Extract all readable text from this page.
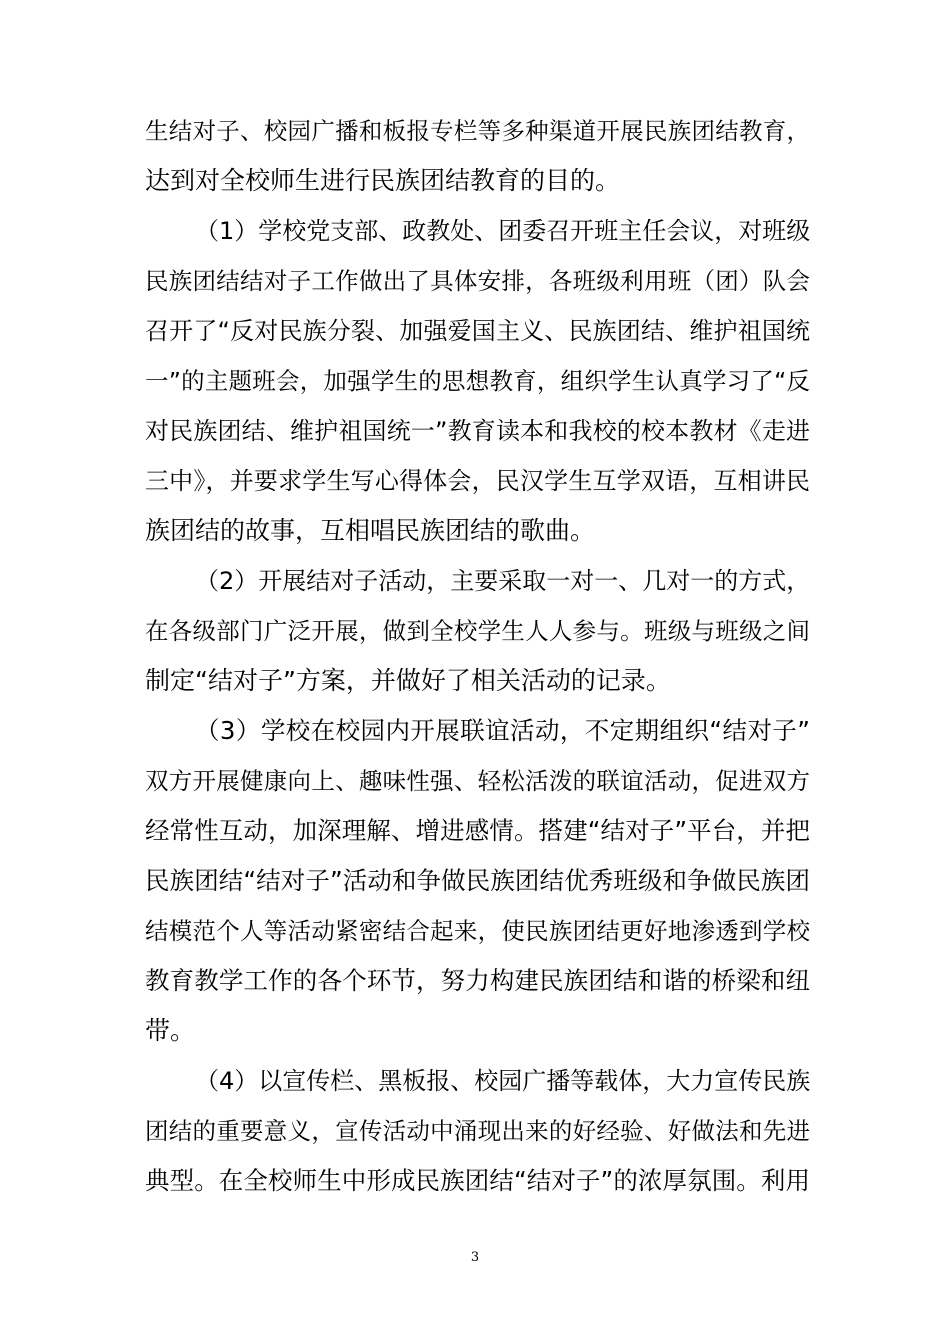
生结对子、校园广播和板报专栏等多种渠道开展民族团结教育，
达到对全校师生进行民族团结教育的目的。
（1）学校党支部、政教处、团委召开班主任会议，对班级
民族团结结对子工作做出了具体安排，各班级利用班（团）队会
召开了“反对民族分裂、加强爱国主义、民族团结、维护祖国统
一”的主题班会，加强学生的思想教育，组织学生认真学习了“反
对民族团结、维护祖国统一”教育读本和我校的校本教材《走进
三中》，并要求学生写心得体会，民汉学生互学双语，互相讲民
族团结的故事，互相唱民族团结的歌曲。
（2）开展结对子活动，主要采取一对一、几对一的方式，
在各级部门广泛开展，做到全校学生人人参与。班级与班级之间
制定“结对子”方案，并做好了相关活动的记录。
（3）学校在校园内开展联谊活动，不定期组织“结对子”
双方开展健康向上、趣味性强、轻松活泼的联谊活动，促进双方
经常性互动，加深理解、增进感情。搭建“结对子”平台，并把
民族团结“结对子”活动和争做民族团结优秀班级和争做民族团
结模范个人等活动紧密结合起来，使民族团结更好地渗透到学校
教育教学工作的各个环节，努力构建民族团结和谐的桥梁和纽
带。
（4）以宣传栏、黑板报、校园广播等载体，大力宣传民族
团结的重要意义，宣传活动中涌现出来的好经验、好做法和先进
典型。在全校师生中形成民族团结“结对子”的浓厚氛围。利用
3
